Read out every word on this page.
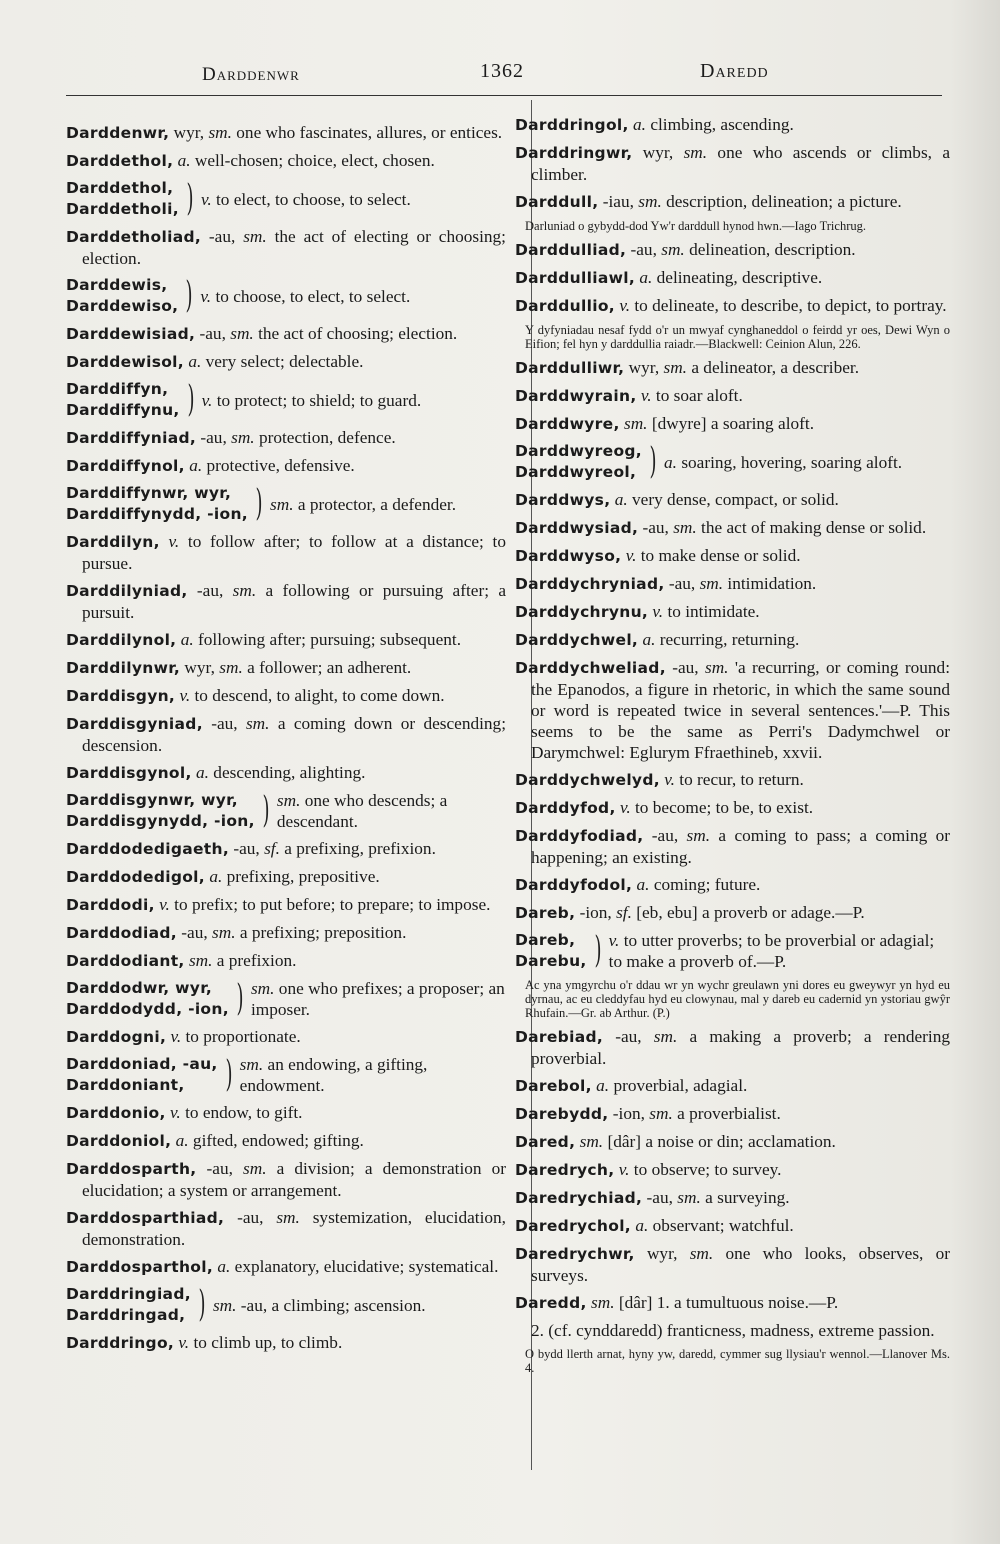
Darddenwr	1362	Daredd
Darddenwr, wyr, sm. one who fascinates, allures, or entices.
Darddethol, a. well-chosen; choice, elect, chosen.
Darddethol,
Darddetholi, ) v. to elect, to choose, to select.
Darddetholiad, -au, sm. the act of electing or choosing; election.
Darddewis,
Darddewiso, ) v. to choose, to elect, to select.
Darddewisiad, -au, sm. the act of choosing; election.
Darddewisol, a. very select; delectable.
Darddiffyn,
Darddiffynu, ) v. to protect; to shield; to guard.
Darddiffyniad, -au, sm. protection, defence.
Darddiffynol, a. protective, defensive.
Darddiffynwr, wyr,
Darddiffynydd, -ion, ) sm. a protector, a defender.
Darddilyn, v. to follow after; to follow at a distance; to pursue.
Darddilyniad, -au, sm. a following or pursuing after; a pursuit.
Darddilynol, a. following after; pursuing; subsequent.
Darddilynwr, wyr, sm. a follower; an adherent.
Darddisgyn, v. to descend, to alight, to come down.
Darddisgyniad, -au, sm. a coming down or descending; descension.
Darddisgynol, a. descending, alighting.
Darddisgynwr, wyr,
Darddisgynydd, -ion, ) sm. one who descends; a descendant.
Darddodedigaeth, -au, sf. a prefixing, prefixion.
Darddodedigol, a. prefixing, prepositive.
Darddodi, v. to prefix; to put before; to prepare; to impose.
Darddodiad, -au, sm. a prefixing; preposition.
Darddodiant, sm. a prefixion.
Darddodwr, wyr,
Darddodydd, -ion, ) sm. one who prefixes; a proposer; an imposer.
Darddogni, v. to proportionate.
Darddoniad, -au,
Darddoniant,	) sm. an endowing, a gifting, endowment.
Darddonio, v. to endow, to gift.
Darddoniol, a. gifted, endowed; gifting.
Darddosparth, -au, sm. a division; a demonstration or elucidation; a system or arrangement.
Darddosparthiad, -au, sm. systemization, elucidation, demonstration.
Darddosparthol, a. explanatory, elucidative; systematical.
Darddringiad,
Darddringad, ) sm. -au, a climbing; ascension.
Darddringo, v. to climb up, to climb.
Darddringol, a. climbing, ascending.
Darddringwr, wyr, sm. one who ascends or climbs, a climber.
Darddull, -iau, sm. description, delineation; a picture.
Darluniad o gybydd-dod Yw'r darddull hynod hwn.—Iago Trichrug.
Darddulliad, -au, sm. delineation, description.
Darddulliawl, a. delineating, descriptive.
Darddullio, v. to delineate, to describe, to depict, to portray.
Y dyfyniadau nesaf fydd o'r un mwyaf cynghaneddol o feirdd yr oes, Dewi Wyn o Eifion; fel hyn y darddullia raiadr.—Blackwell: Ceinion Alun, 226.
Darddulliwr, wyr, sm. a delineator, a describer.
Darddwyrain, v. to soar aloft.
Darddwyre, sm. [dwyre] a soaring aloft.
Darddwyreog,
Darddwyreol, ) a. soaring, hovering, soaring aloft.
Darddwys, a. very dense, compact, or solid.
Darddwysiad, -au, sm. the act of making dense or solid.
Darddwyso, v. to make dense or solid.
Darddychryniad, -au, sm. intimidation.
Darddychrynu, v. to intimidate.
Darddychwel, a. recurring, returning.
Darddychweliad, -au, sm. 'a recurring, or coming round: the Epanodos, a figure in rhetoric, in which the same sound or word is repeated twice in several sentences.'—P. This seems to be the same as Perri's Dadymchwel or Darymchwel: Eglurym Ffraethineb, xxvii.
Darddychwelyd, v. to recur, to return.
Darddyfod, v. to become; to be, to exist.
Darddyfodiad, -au, sm. a coming to pass; a coming or happening; an existing.
Darddyfodol, a. coming; future.
Dareb, -ion, sf. [eb, ebu] a proverb or adage.—P.
Dareb,
Darebu, ) v. to utter proverbs; to be proverbial or adagial; to make a proverb of.—P.
Ac yna ymgyrchu o'r ddau wr yn wychr greulawn yni dores eu gweywyr yn hyd eu dyrnau, ac eu cleddyfau hyd eu clowynau, mal y dareb eu cadernid yn ystoriau gwŷr Rhufain.—Gr. ab Arthur. (P.)
Darebiad, -au, sm. a making a proverb; a rendering proverbial.
Darebol, a. proverbial, adagial.
Darebydd, -ion, sm. a proverbialist.
Dared, sm. [dâr] a noise or din; acclamation.
Daredrych, v. to observe; to survey.
Daredrychiad, -au, sm. a surveying.
Daredrychol, a. observant; watchful.
Daredrychwr, wyr, sm. one who looks, observes, or surveys.
Daredd, sm. [dâr] 1. a tumultuous noise.—P.
2. (cf. cynddaredd) franticness, madness, extreme passion.
O bydd llerth arnat, hyny yw, daredd, cymmer sug llysiau'r wennol.—Llanover Ms. 4.
